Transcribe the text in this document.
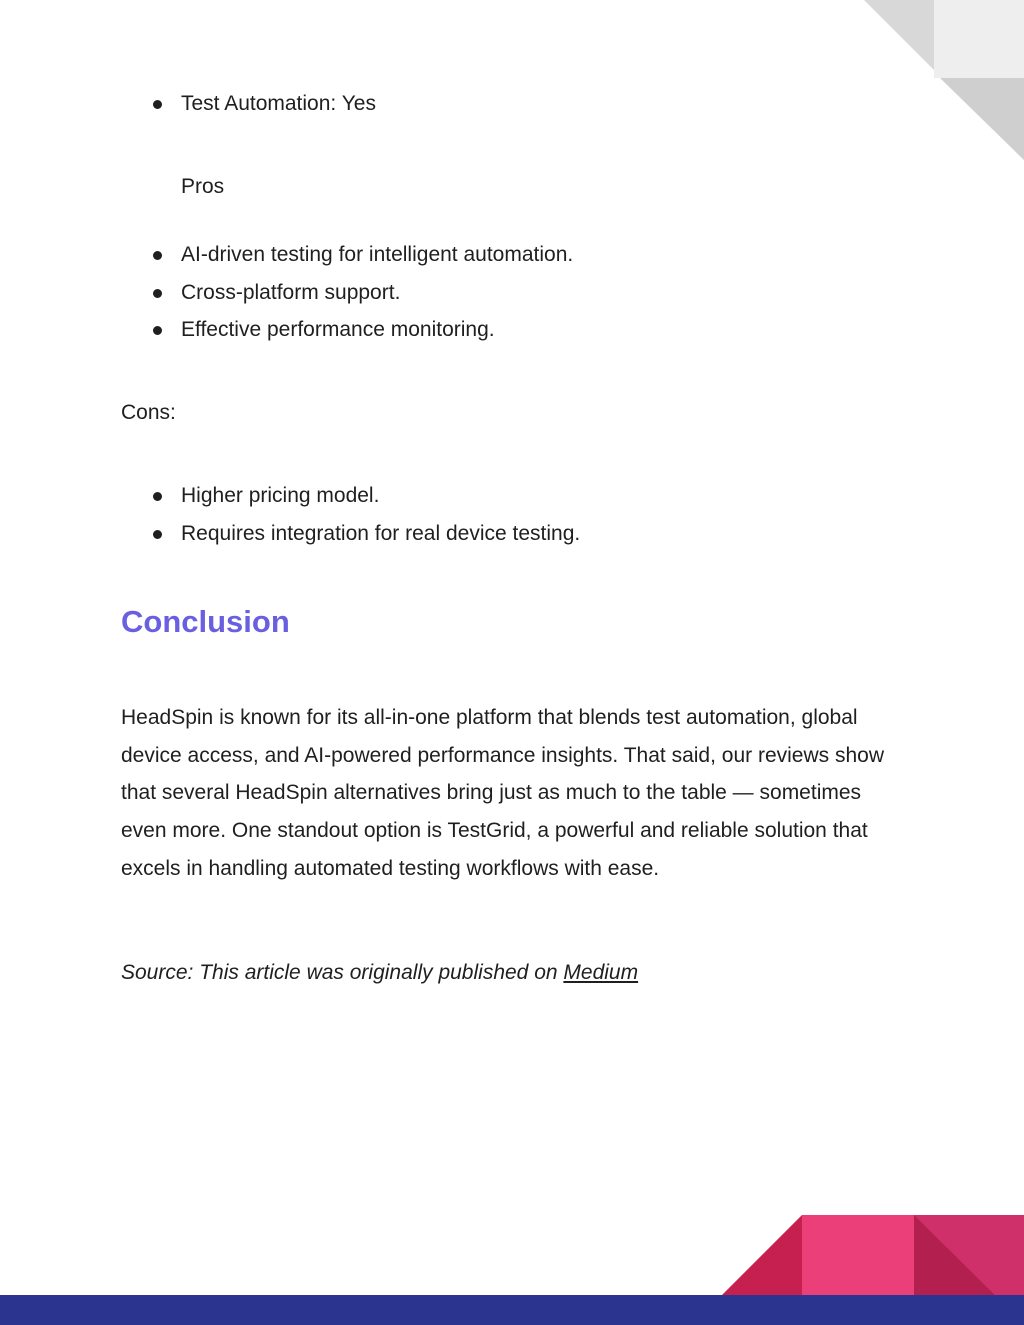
Test Automation: Yes

Pros

AI-driven testing for intelligent automation.
Cross-platform support.
Effective performance monitoring.

Cons:

Higher pricing model.
Requires integration for real device testing.
Conclusion

HeadSpin is known for its all-in-one platform that blends test automation, global device access, and AI-powered performance insights. That said, our reviews show that several HeadSpin alternatives bring just as much to the table — sometimes even more. One standout option is TestGrid, a powerful and reliable solution that excels in handling automated testing workflows with ease.

Source: This article was originally published on Medium
